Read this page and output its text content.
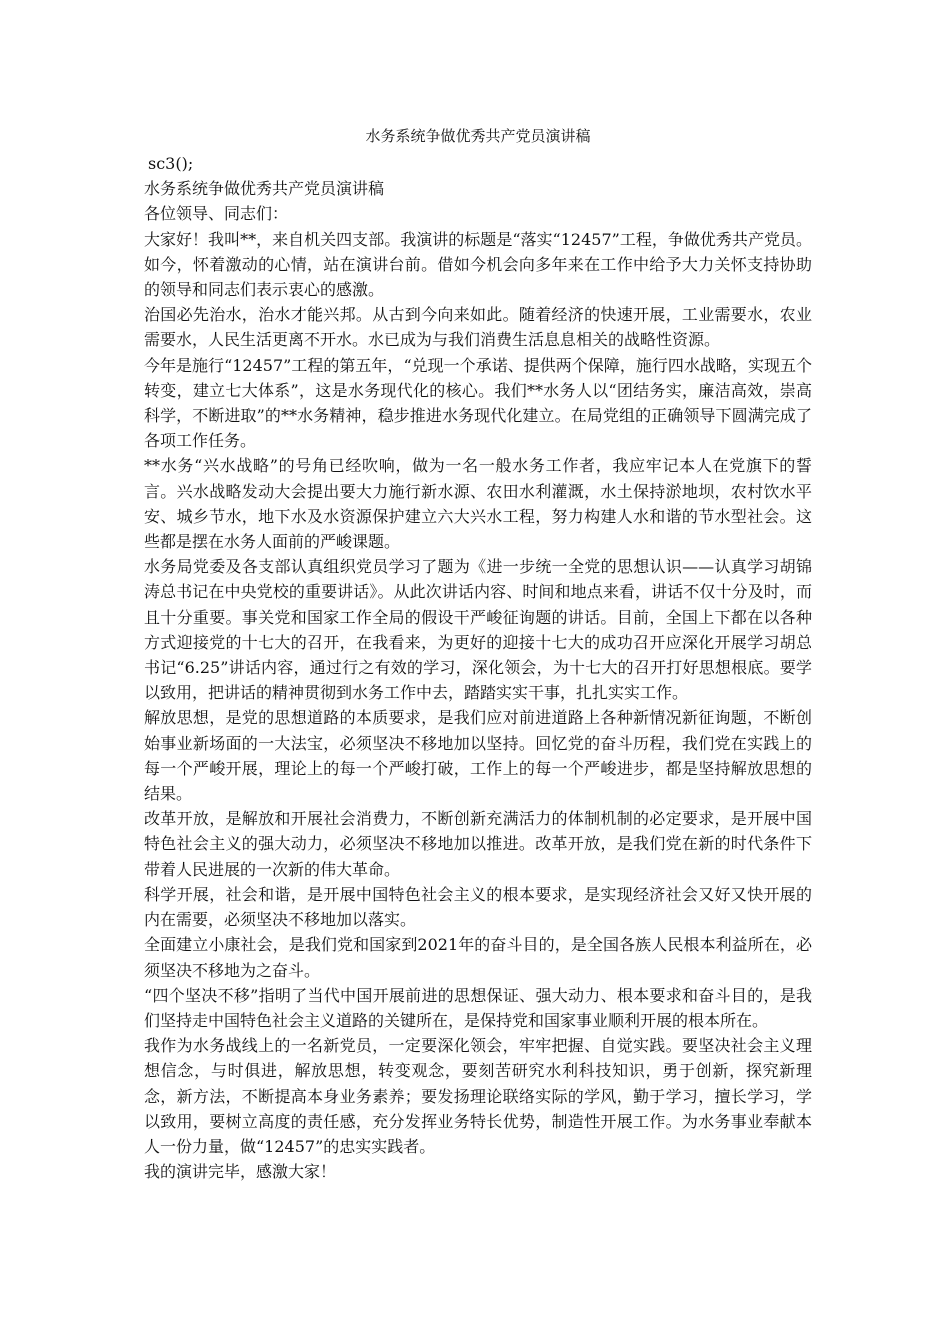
水务系统争做优秀共产党员演讲稿

sc3();

水务系统争做优秀共产党员演讲稿

各位领导、同志们：

大家好！我叫**，来自机关四支部。我演讲的标题是“落实“12457”工程，争做优秀共产党员。如今，怀着激动的心情，站在演讲台前。借如今机会向多年来在工作中给予大力关怀支持协助的领导和同志们表示衷心的感激。

治国必先治水，治水才能兴邦。从古到今向来如此。随着经济的快速开展，工业需要水，农业需要水，人民生活更离不开水。水已成为与我们消费生活息息相关的战略性资源。

今年是施行“12457”工程的第五年，“兑现一个承诺、提供两个保障，施行四水战略，实现五个转变，建立七大体系”，这是水务现代化的核心。我们**水务人以“团结务实，廉洁高效，崇高科学，不断进取”的**水务精神，稳步推进水务现代化建立。在局党组的正确领导下圆满完成了各项工作任务。

**水务“兴水战略”的号角已经吹响，做为一名一般水务工作者，我应牢记本人在党旗下的誓言。兴水战略发动大会提出要大力施行新水源、农田水利灌溉，水土保持淤地坝，农村饮水平安、城乡节水，地下水及水资源保护建立六大兴水工程，努力构建人水和谐的节水型社会。这些都是摆在水务人面前的严峻课题。

水务局党委及各支部认真组织党员学习了题为《进一步统一全党的思想认识——认真学习胡锦涛总书记在中央党校的重要讲话》。从此次讲话内容、时间和地点来看，讲话不仅十分及时，而且十分重要。事关党和国家工作全局的假设干严峻征询题的讲话。目前，全国上下都在以各种方式迎接党的十七大的召开，在我看来，为更好的迎接十七大的成功召开应深化开展学习胡总书记“6.25”讲话内容，通过行之有效的学习，深化领会，为十七大的召开打好思想根底。要学以致用，把讲话的精神贯彻到水务工作中去，踏踏实实干事，扎扎实实工作。

解放思想，是党的思想道路的本质要求，是我们应对前进道路上各种新情况新征询题，不断创始事业新场面的一大法宝，必须坚决不移地加以坚持。回忆党的奋斗历程，我们党在实践上的每一个严峻开展，理论上的每一个严峻打破，工作上的每一个严峻进步，都是坚持解放思想的结果。

改革开放，是解放和开展社会消费力，不断创新充满活力的体制机制的必定要求，是开展中国特色社会主义的强大动力，必须坚决不移地加以推进。改革开放，是我们党在新的时代条件下带着人民进展的一次新的伟大革命。

科学开展，社会和谐，是开展中国特色社会主义的根本要求，是实现经济社会又好又快开展的内在需要，必须坚决不移地加以落实。

全面建立小康社会，是我们党和国家到2021年的奋斗目的，是全国各族人民根本利益所在，必须坚决不移地为之奋斗。

“四个坚决不移”指明了当代中国开展前进的思想保证、强大动力、根本要求和奋斗目的，是我们坚持走中国特色社会主义道路的关键所在，是保持党和国家事业顺利开展的根本所在。

我作为水务战线上的一名新党员，一定要深化领会，牢牢把握、自觉实践。要坚决社会主义理想信念，与时俱进，解放思想，转变观念，要刻苦研究水利科技知识，勇于创新，探究新理念，新方法，不断提高本身业务素养；要发扬理论联络实际的学风，勤于学习，擅长学习，学以致用，要树立高度的责任感，充分发挥业务特长优势，制造性开展工作。为水务事业奉献本人一份力量，做“12457”的忠实实践者。

我的演讲完毕，感激大家！
